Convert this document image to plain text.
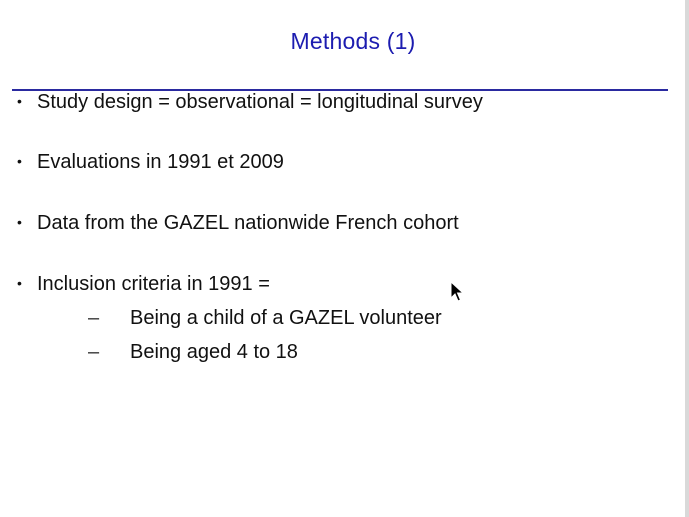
Methods (1)
• Study design = observational = longitudinal survey
• Evaluations in 1991 et 2009
• Data from the GAZEL nationwide French cohort
• Inclusion criteria in 1991 =
– Being a child of a GAZEL volunteer
– Being aged 4 to 18
